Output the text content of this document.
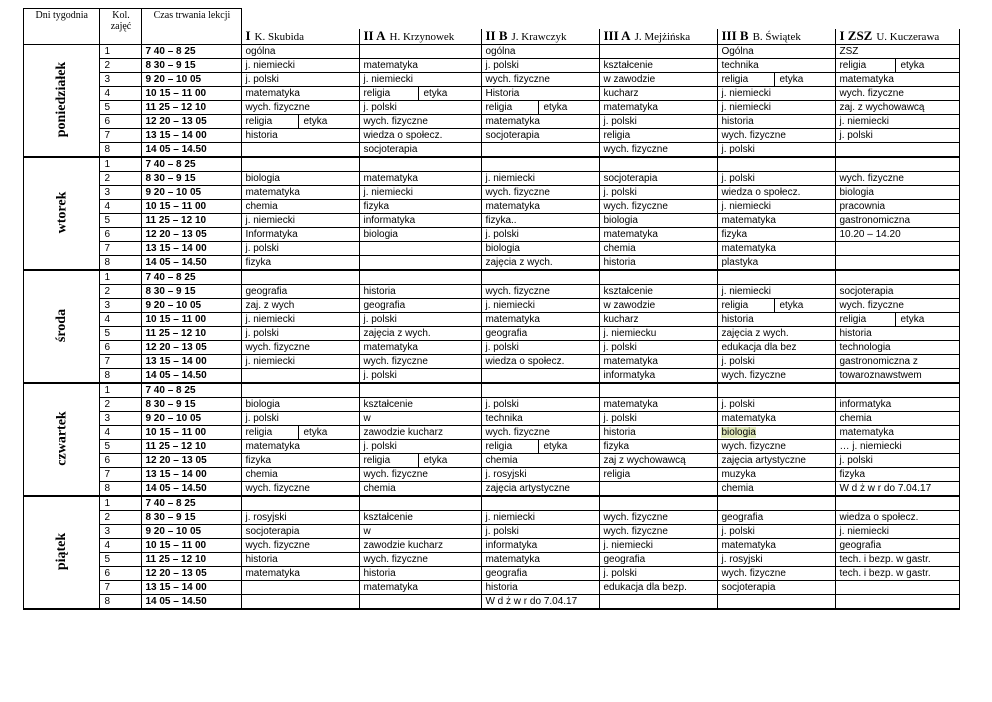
Dni tygodnia	Kol. zajęć	Czas trwania lekcji						
			I K. Skubida	II A H. Krzynowek	II B J. Krawczyk	III A J. Mejżińska	III B B. Świątek	I ZSZ U. Kuczerawa
poniedziałek	1	7 40 – 8 25	ogólna		ogólna		Ogólna	ZSZ
	2	8 30 – 9 15	j. niemiecki	matematyka	j. polski	kształcenie	technika	religia etyka

	3	9 20 – 10 05	j. polski	j. niemiecki	wych. fizyczne	w zawodzie	religia etyka	matematyka
	4	10 15 – 11 00	matematyka	religia etyka	Historia	kucharz	j. niemiecki	wych. fizyczne
	5	11 25 – 12 10	wych. fizyczne	j. polski	religia etyka	matematyka	j. niemiecki	zaj. z wychowawcą
	6	12 20 – 13 05	religia etyka	wych. fizyczne	matematyka	j. polski	historia	j. niemiecki
	7	13 15 – 14 00	historia	wiedza o społecz.	socjoterapia	religia	wych. fizyczne	j. polski
	8	14 05 – 14.50		socjoterapia		wych. fizyczne	j. polski	
wtorek	1	7 40 – 8 25						
	2	8 30 – 9 15	biologia	matematyka	j. niemiecki	socjoterapia	j. polski	wych. fizyczne
	3	9 20 – 10 05	matematyka	j. niemiecki	wych. fizyczne	j. polski	wiedza o społecz.	biologia
	4	10 15 – 11 00	chemia	fizyka	matematyka	wych. fizyczne	j. niemiecki	pracownia
	5	11 25 – 12 10	j. niemiecki	informatyka	fizyka..	biologia	matematyka	gastronomiczna
	6	12 20 – 13 05	Informatyka	biologia	j. polski	matematyka	fizyka	10.20 – 14.20
	7	13 15 – 14 00	j. polski		biologia	chemia	matematyka	
	8	14 05 – 14.50	fizyka		zajęcia z wych.	historia	plastyka	
środa	1	7 40 – 8 25						
	2	8 30 – 9 15	geografia	historia	wych. fizyczne	kształcenie	j. niemiecki	socjoterapia
	3	9 20 – 10 05	zaj. z wych	geografia	j. niemiecki	w zawodzie	religia etyka	wych. fizyczne
	4	10 15 – 11 00	j. niemiecki	j. polski	matematyka	kucharz	historia	religia etyka

	5	11 25 – 12 10	j. polski	zajęcia z wych.	geografia	j. niemiecku	zajęcia z wych.	historia
	6	12 20 – 13 05	wych. fizyczne	matematyka	j. polski	j. polski	edukacja dla bez	technologia
	7	13 15 – 14 00	j. niemiecki	wych. fizyczne	wiedza o społecz.	matematyka	j. polski	gastronomiczna z
	8	14 05 – 14.50		j. polski		informatyka	wych. fizyczne	towaroznawstwem
czwartek	1	7 40 – 8 25						
	2	8 30 – 9 15	biologia	kształcenie	j. polski	matematyka	j. polski	informatyka
	3	9 20 – 10 05	j. polski	w	technika	j. polski	matematyka	chemia
	4	10 15 – 11 00	religia etyka	zawodzie kucharz	wych. fizyczne	historia	biologia	matematyka
	5	11 25 – 12 10	matematyka	j. polski	religia etyka	fizyka	wych. fizyczne	… j. niemiecki
	6	12 20 – 13 05	fizyka	religia etyka	chemia	zaj z wychowawcą	zajęcia artystyczne	j. polski
	7	13 15 – 14 00	chemia	wych. fizyczne	j. rosyjski	religia	muzyka	fizyka
	8	14 05 – 14.50	wych. fizyczne	chemia	zajęcia artystyczne		chemia	W d ż w r do 7.04.17
piątek	1	7 40 – 8 25						
	2	8 30 – 9 15	j. rosyjski	kształcenie	j. niemiecki	wych. fizyczne	geografia	wiedza o społecz.
	3	9 20 – 10 05	socjoterapia	w	j. polski	wych. fizyczne	j. polski	j. niemiecki
	4	10 15 – 11 00	wych. fizyczne	zawodzie kucharz	informatyka	j. niemiecki	matematyka	geografia
	5	11 25 – 12 10	historia	wych. fizyczne	matematyka	geografia	j. rosyjski	tech. i bezp. w gastr.
	6	12 20 – 13 05	matematyka	historia	geografia	j. polski	wych. fizyczne	tech. i bezp. w gastr.
	7	13 15 – 14 00		matematyka	historia	edukacja dla bezp.	socjoterapia	
	8	14 05 – 14.50			W d ż w r do 7.04.17			
